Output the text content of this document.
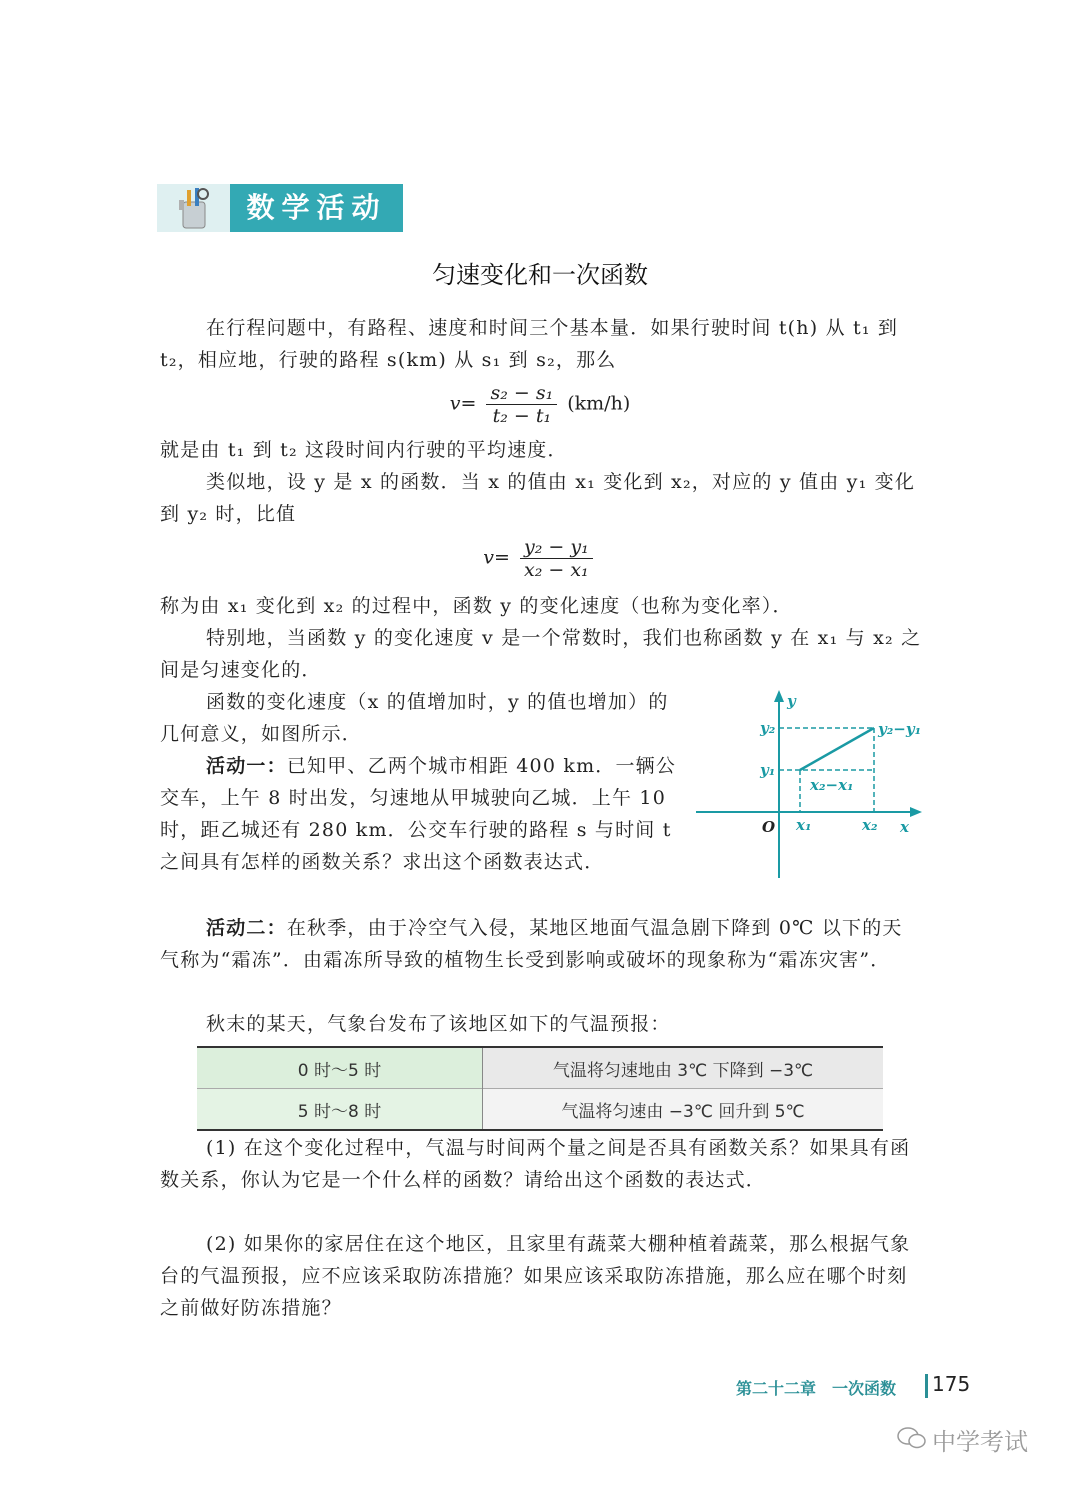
数学活动
匀速变化和一次函数
在行程问题中，有路程、速度和时间三个基本量．如果行驶时间 t(h) 从 t₁ 到 t₂，相应地，行驶的路程 s(km) 从 s₁ 到 s₂，那么
$v= \frac{\text{s₂ − s₁}}{\text{t₂ − t₁}} (km/h)$
就是由 t₁ 到 t₂ 这段时间内行驶的平均速度．
类似地，设 y 是 x 的函数．当 x 的值由 x₁ 变化到 x₂，对应的 y 值由 y₁ 变化到 y₂ 时，比值
$v= \frac{\text{y₂ − y₁}}{\text{x₂ − x₁}}$
称为由 x₁ 变化到 x₂ 的过程中，函数 y 的变化速度（也称为变化率）．
特别地，当函数 y 的变化速度 v 是一个常数时，我们也称函数 y 在 x₁ 与 x₂ 之间是匀速变化的．
函数的变化速度（x 的值增加时，y 的值也增加）的几何意义，如图所示．
活动一：已知甲、乙两个城市相距 400 km．一辆公交车，上午 8 时出发，匀速地从甲城驶向乙城．上午 10 时，距乙城还有 280 km．公交车行驶的路程 s 与时间 t 之间具有怎样的函数关系？求出这个函数表达式．
y
x
y₂
y₁
x₁	x₂
y₂−y₁
x₂−x₁
O
活动二：在秋季，由于冷空气入侵，某地区地面气温急剧下降到 0℃ 以下的天气称为“霜冻”．由霜冻所导致的植物生长受到影响或破坏的现象称为“霜冻灾害”．
秋末的某天，气象台发布了该地区如下的气温预报：
0 时～5 时	气温将匀速地由 3℃ 下降到 −3℃
5 时～8 时	气温将匀速由 −3℃ 回升到 5℃
(1) 在这个变化过程中，气温与时间两个量之间是否具有函数关系？如果具有函数关系，你认为它是一个什么样的函数？请给出这个函数的表达式．
(2) 如果你的家居住在这个地区，且家里有蔬菜大棚种植着蔬菜，那么根据气象台的气温预报，应不应该采取防冻措施？如果应该采取防冻措施，那么应在哪个时刻之前做好防冻措施？
第二十二章　一次函数 175
中学考试
